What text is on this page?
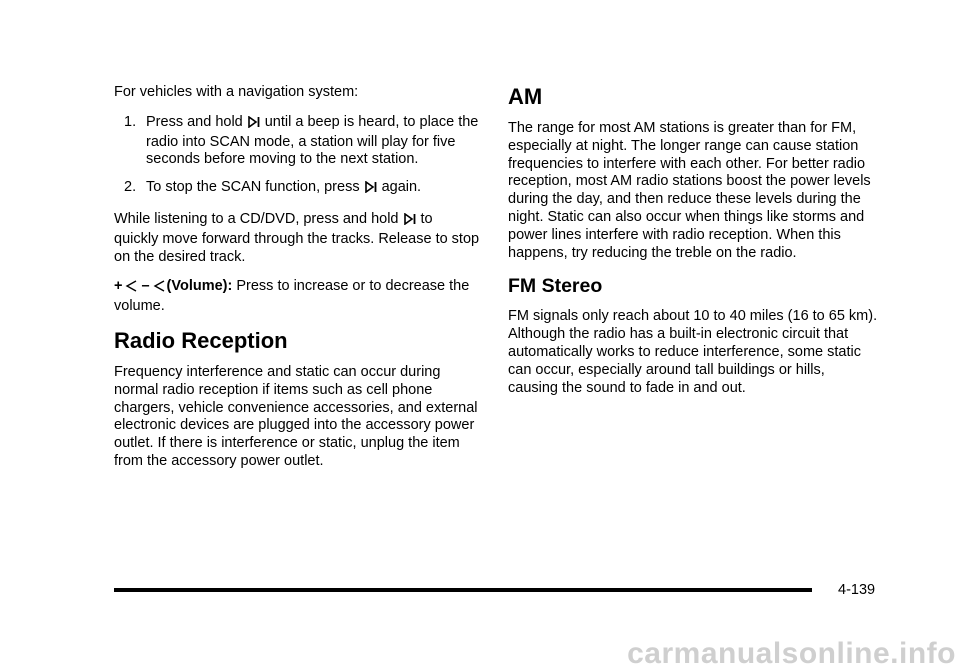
For vehicles with a navigation system:

1. Press and hold until a beep is heard, to place the radio into SCAN mode, a station will play for five seconds before moving to the next station.
2. To stop the SCAN function, press again.

While listening to a CD/DVD, press and hold to quickly move forward through the tracks. Release to stop on the desired track.

+ – (Volume): Press to increase or to decrease the volume.

Radio Reception

Frequency interference and static can occur during normal radio reception if items such as cell phone chargers, vehicle convenience accessories, and external electronic devices are plugged into the accessory power outlet. If there is interference or static, unplug the item from the accessory power outlet.

AM

The range for most AM stations is greater than for FM, especially at night. The longer range can cause station frequencies to interfere with each other. For better radio reception, most AM radio stations boost the power levels during the day, and then reduce these levels during the night. Static can also occur when things like storms and power lines interfere with radio reception. When this happens, try reducing the treble on the radio.

FM Stereo

FM signals only reach about 10 to 40 miles (16 to 65 km). Although the radio has a built-in electronic circuit that automatically works to reduce interference, some static can occur, especially around tall buildings or hills, causing the sound to fade in and out.

4-139
carmanualsonline.info
